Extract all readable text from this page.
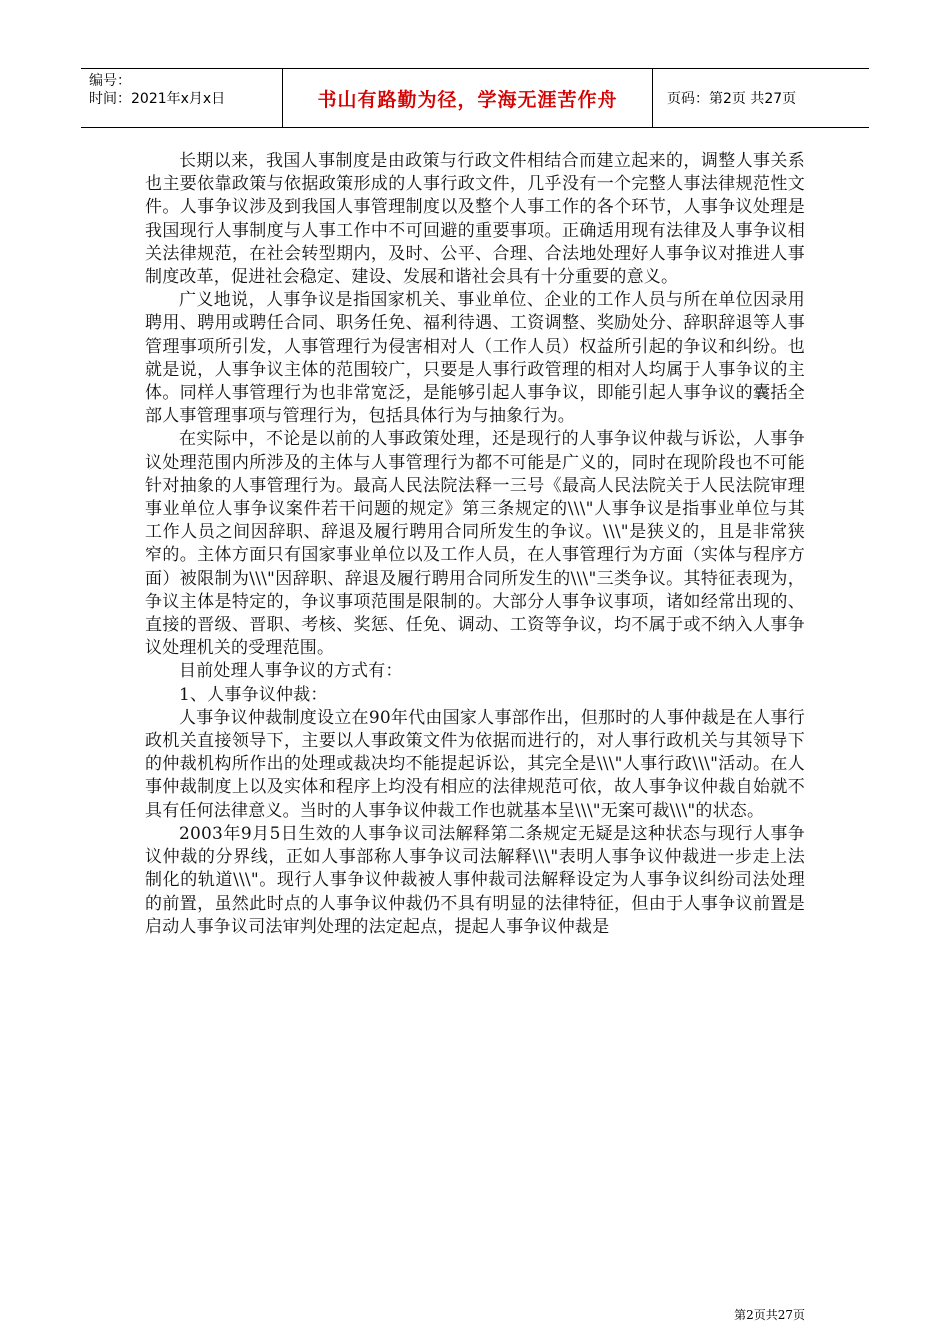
编号：
时间：2021年x月x日	书山有路勤为径，学海无涯苦作舟	页码：第2页 共27页

长期以来，我国人事制度是由政策与行政文件相结合而建立起来的，调整人事关系也主要依靠政策与依据政策形成的人事行政文件，几乎没有一个完整人事法律规范性文件。人事争议涉及到我国人事管理制度以及整个人事工作的各个环节，人事争议处理是我国现行人事制度与人事工作中不可回避的重要事项。正确适用现有法律及人事争议相关法律规范，在社会转型期内，及时、公平、合理、合法地处理好人事争议对推进人事制度改革，促进社会稳定、建设、发展和谐社会具有十分重要的意义。

广义地说，人事争议是指国家机关、事业单位、企业的工作人员与所在单位因录用聘用、聘用或聘任合同、职务任免、福利待遇、工资调整、奖励处分、辞职辞退等人事管理事项所引发，人事管理行为侵害相对人（工作人员）权益所引起的争议和纠纷。也就是说，人事争议主体的范围较广，只要是人事行政管理的相对人均属于人事争议的主体。同样人事管理行为也非常宽泛，是能够引起人事争议，即能引起人事争议的囊括全部人事管理事项与管理行为，包括具体行为与抽象行为。

在实际中，不论是以前的人事政策处理，还是现行的人事争议仲裁与诉讼，人事争议处理范围内所涉及的主体与人事管理行为都不可能是广义的，同时在现阶段也不可能针对抽象的人事管理行为。最高人民法院法释一三号《最高人民法院关于人民法院审理事业单位人事争议案件若干问题的规定》第三条规定的\\\"人事争议是指事业单位与其工作人员之间因辞职、辞退及履行聘用合同所发生的争议。\\\"是狭义的，且是非常狭窄的。主体方面只有国家事业单位以及工作人员，在人事管理行为方面（实体与程序方面）被限制为\\\"因辞职、辞退及履行聘用合同所发生的\\\"三类争议。其特征表现为，争议主体是特定的，争议事项范围是限制的。大部分人事争议事项，诸如经常出现的、直接的晋级、晋职、考核、奖惩、任免、调动、工资等争议，均不属于或不纳入人事争议处理机关的受理范围。

目前处理人事争议的方式有：

1、人事争议仲裁：

人事争议仲裁制度设立在90年代由国家人事部作出，但那时的人事仲裁是在人事行政机关直接领导下，主要以人事政策文件为依据而进行的，对人事行政机关与其领导下的仲裁机构所作出的处理或裁决均不能提起诉讼，其完全是\\\"人事行政\\\"活动。在人事仲裁制度上以及实体和程序上均没有相应的法律规范可依，故人事争议仲裁自始就不具有任何法律意义。当时的人事争议仲裁工作也就基本呈\\\"无案可裁\\\"的状态。

2003年9月5日生效的人事争议司法解释第二条规定无疑是这种状态与现行人事争议仲裁的分界线，正如人事部称人事争议司法解释\\\"表明人事争议仲裁进一步走上法制化的轨道\\\"。现行人事争议仲裁被人事仲裁司法解释设定为人事争议纠纷司法处理的前置，虽然此时点的人事争议仲裁仍不具有明显的法律特征，但由于人事争议前置是启动人事争议司法审判处理的法定起点，提起人事争议仲裁是

第2页共27页
